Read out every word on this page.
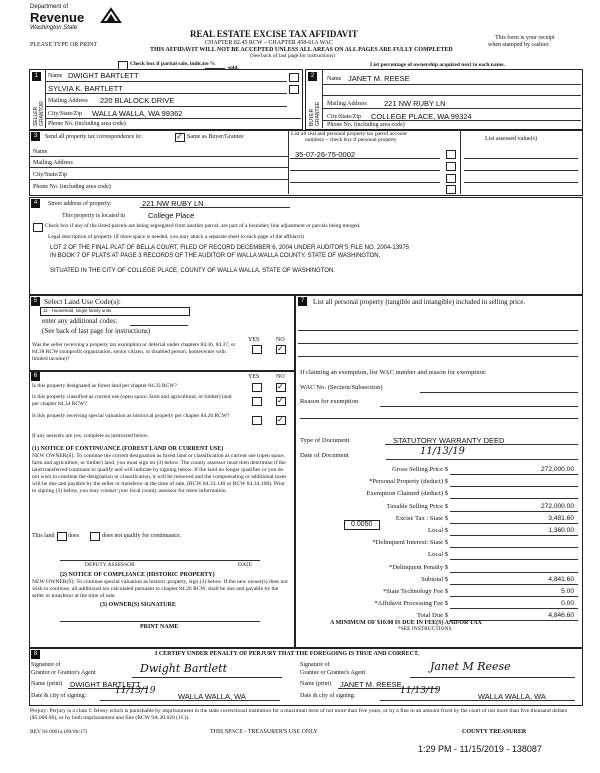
Department of
Revenue
Washington State
PLEASE TYPE OR PRINT
REAL ESTATE EXCISE TAX AFFIDAVIT
CHAPTER 82.45 RCW – CHAPTER 458-61A WAC
THIS AFFIDAVIT WILL NOT BE ACCEPTED UNLESS ALL AREAS ON ALL PAGES ARE FULLY COMPLETED
(See back of last page for instructions)
This form is your receipt
when stamped by cashier.
Check box if partial sale, indicate %
sold.	List percentage of ownership acquired next to each name.
1
SELLER GRANTOR
Name DWIGHT BARTLETT
SYLVIA K. BARTLETT
Mailing Address 220 BLALOCK DRIVE
City/State/Zip WALLA WALLA, WA 99362
Phone No. (including area code)
2
BUYER GRANTEE
Name JANET M. REESE
Mailing Address 221 NW RUBY LN
City/State/Zip COLLEGE PLACE, WA 99324
Phone No. (including area code)
3	Send all property tax correspondence to:
✓	Same as Buyer/Grantee
Name
Mailing Address
City/State/Zip
Phone No. (including area code)
List all real and personal property tax parcel account
numbers – check box if personal property	List assessed value(s)
35-07-26-75-0002
4	Street address of property:	221 NW RUBY LN
This property is located in	College Place
Check box if any of the listed parcels are being segregated from another parcel, are part of a boundary line adjustment or parcels being merged.
Legal description of property (if more space is needed, you may attach a separate sheet to each page of the affidavit)
LOT 2 OF THE FINAL PLAT OF BELLA COURT, FILED OF RECORD DECEMBER 6, 2004 UNDER AUDITOR'S FILE NO. 2004-13975
IN BOOK 7 OF PLATS AT PAGE 3 RECORDS OF THE AUDITOR OF WALLA WALLA COUNTY, STATE OF WASHINGTON.
SITUATED IN THE CITY OF COLLEGE PLACE, COUNTY OF WALLA WALLA, STATE OF WASHINGTON.
5 Select Land Use Code(s):
11 - Household, single family units
enter any additional codes:
(See back of last page for instructions)
YES	NO
Was the seller receiving a property tax exemption or deferral under chapters 84.36, 84.37, or 84.38 RCW (nonprofit organization, senior citizen, or disabled person, homeowner with limited income)?
✓
6	YES	NO
Is this property designated as forest land per chapter 84.33 RCW?
✓
Is this property classified as current use (open space, farm and agricultural, or timber) land per chapter 84.34 RCW?
✓
Is this property receiving special valuation as historical property per chapter 84.26 RCW?
✓
If any answers are yes, complete as instructed below.
(1) NOTICE OF CONTINUANCE (FOREST LAND OR CURRENT USE)
NEW OWNER(S): To continue the current designation as forest land or classification as current use (open space, farm and agriculture, or timber) land, you must sign on (3) below. The county assessor must then determine if the land transferred continues to qualify and will indicate by signing below. If the land no longer qualifies or you do not wish to continue the designation or classification, it will be removed and the compensating or additional taxes will be due and payable by the seller or transferor at the time of sale. (RCW 84.33.140 or RCW 84.34.108). Prior to signing (3) below, you may contact your local county assessor for more information.
This land does	does not qualify for continuance.
DEPUTY ASSESSOR	DATE
(2) NOTICE OF COMPLIANCE (HISTORIC PROPERTY)
NEW OWNER(S): To continue special valuation as historic property, sign (3) below. If the new owner(s) does not wish to continue, all additional tax calculated pursuant to chapter 84.26 RCW, shall be due and payable by the seller or transferor at the time of sale.
(3) OWNER(S) SIGNATURE
PRINT NAME
7	List all personal property (tangible and intangible) included in selling price.
If claiming an exemption, list WAC number and reason for exemption:
WAC No. (Section/Subsection)
Reason for exemption
Type of Document	STATUTORY WARRANTY DEED
Date of Document	11/13/19
Gross Selling Price $	272,000.00
*Personal Property (deduct) $
Exemption Claimed (deduct) $
Taxable Selling Price $	272,000.00
Excise Tax : State $	3,481.60
Local $	1,360.00
*Delinquent Interest: State $
Local $
*Delinquent Penalty $
Subtotal $	4,841.60
*State Technology Fee $	5.00
*Affidavit Processing Fee $	0.00
Total Due $	4,846.60
0.0050
A MINIMUM OF $10.00 IS DUE IN FEE(S) AND/OR TAX
*SEE INSTRUCTIONS
8	I CERTIFY UNDER PENALTY OF PERJURY THAT THE FOREGOING IS TRUE AND CORRECT.
Signature of
Grantor or Grantor's Agent	Dwight Bartlett
Name (print) DWIGHT BARTLETT
Date & city of signing:	11/13/19
WALLA WALLA, WA
Signature of
Grantee or Grantee's Agent	Janet M Reese
Name (print) JANET M. REESE
Date & city of signing:	11/13/19
WALLA WALLA, WA
Perjury: Perjury is a class C felony which is punishable by imprisonment in the state correctional institution for a maximum term of not more than five years, or by a fine in an amount fixed by the court of not more than five thousand dollars ($5,000.00), or by both imprisonment and fine (RCW 9A.20.020 (1C)).
REV 84 0001a (09/06/17)	THIS SPACE - TREASURER'S USE ONLY	COUNTY TREASURER
1:29 PM - 11/15/2019 - 138087
